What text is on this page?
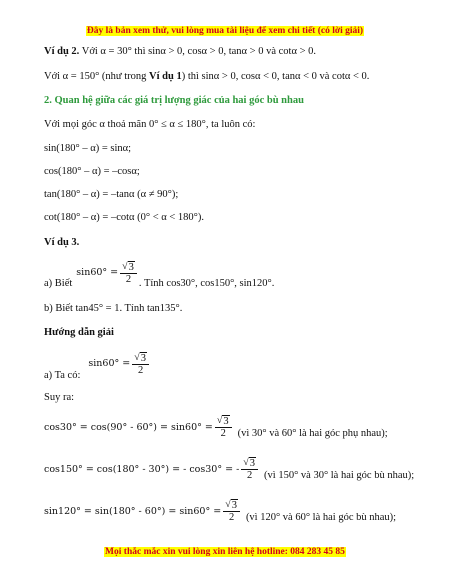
Đây là bản xem thử, vui lòng mua tài liệu để xem chi tiết (có lời giải)
Ví dụ 2. Với α = 30° thì sinα > 0, cosα > 0, tanα > 0 và cotα > 0.
Với α = 150° (như trong Ví dụ 1) thì sinα > 0, cosα < 0, tanα < 0 và cotα < 0.
2. Quan hệ giữa các giá trị lượng giác của hai góc bù nhau
Với mọi góc α thoả mãn 0° ≤ α ≤ 180°, ta luôn có:
sin(180° – α) = sinα;
cos(180° – α) = –cosα;
tan(180° – α) = –tanα (α ≠ 90°);
cot(180° – α) = –cotα (0° < α < 180°).
Ví dụ 3.
a) Biết
$\sin 60^\circ = \frac{√ 3}{2}$ . Tính cos30°, cos150°, sin120°.
b) Biết tan45° = 1. Tính tan135°.
Hướng dẫn giải
a) Ta có:
$\sin 60^\circ = \frac{√ 3}{2}$
Suy ra:
$\cos 30^\circ = \cos(90^\circ - 60^\circ) = \sin 60^\circ = \frac{√ 3}{2}$ (vì 30° và 60° là hai góc phụ nhau);
cos150° = cos(180° - 30°) = - cos30° = - $\frac{√ 3}{2}$ (vì 150° và 30° là hai góc bù nhau);
$\sin 120^\circ = \sin(180^\circ - 60^\circ) = \sin 60^\circ = \frac{√ 3}{2}$ (vì 120° và 60° là hai góc bù nhau);
Mọi thắc mắc xin vui lòng xin liên hệ hotline: 084 283 45 85
